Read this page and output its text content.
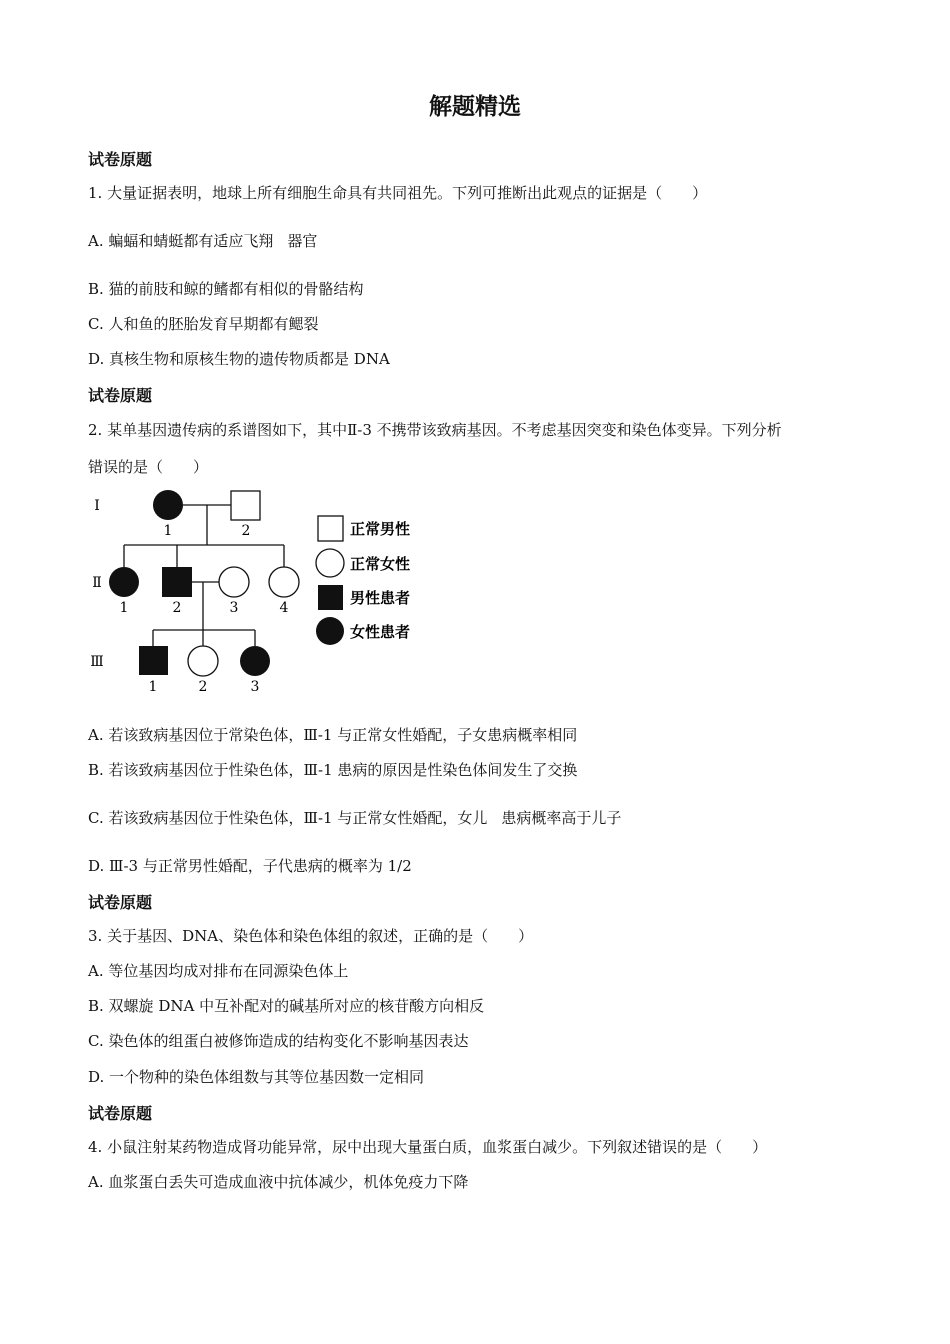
解题精选
试卷原题
1. 大量证据表明，地球上所有细胞生命具有共同祖先。下列可推断出此观点的证据是（　　）
A. 蝙蝠和蜻蜓都有适应飞翔 器官
B. 猫的前肢和鲸的鳍都有相似的骨骼结构
C. 人和鱼的胚胎发育早期都有鳃裂
D. 真核生物和原核生物的遗传物质都是 DNA
试卷原题
2. 某单基因遗传病的系谱图如下，其中Ⅱ-3 不携带该致病基因。不考虑基因突变和染色体变异。下列分析
错误的是（　　）
Ⅰ
Ⅱ
Ⅲ
1	2
1	2	3	4
1	2	3
正常男性
正常女性
男性患者
女性患者
A. 若该致病基因位于常染色体，Ⅲ-1 与正常女性婚配，子女患病概率相同
B. 若该致病基因位于性染色体，Ⅲ-1 患病的原因是性染色体间发生了交换
C. 若该致病基因位于性染色体，Ⅲ-1 与正常女性婚配，女儿 患病概率高于儿子
D. Ⅲ-3 与正常男性婚配，子代患病的概率为 1/2
试卷原题
3. 关于基因、DNA、染色体和染色体组的叙述，正确的是（　　）
A. 等位基因均成对排布在同源染色体上
B. 双螺旋 DNA 中互补配对的碱基所对应的核苷酸方向相反
C. 染色体的组蛋白被修饰造成的结构变化不影响基因表达
D. 一个物种的染色体组数与其等位基因数一定相同
试卷原题
4. 小鼠注射某药物造成肾功能异常，尿中出现大量蛋白质，血浆蛋白减少。下列叙述错误的是（　　）
A. 血浆蛋白丢失可造成血液中抗体减少，机体免疫力下降
